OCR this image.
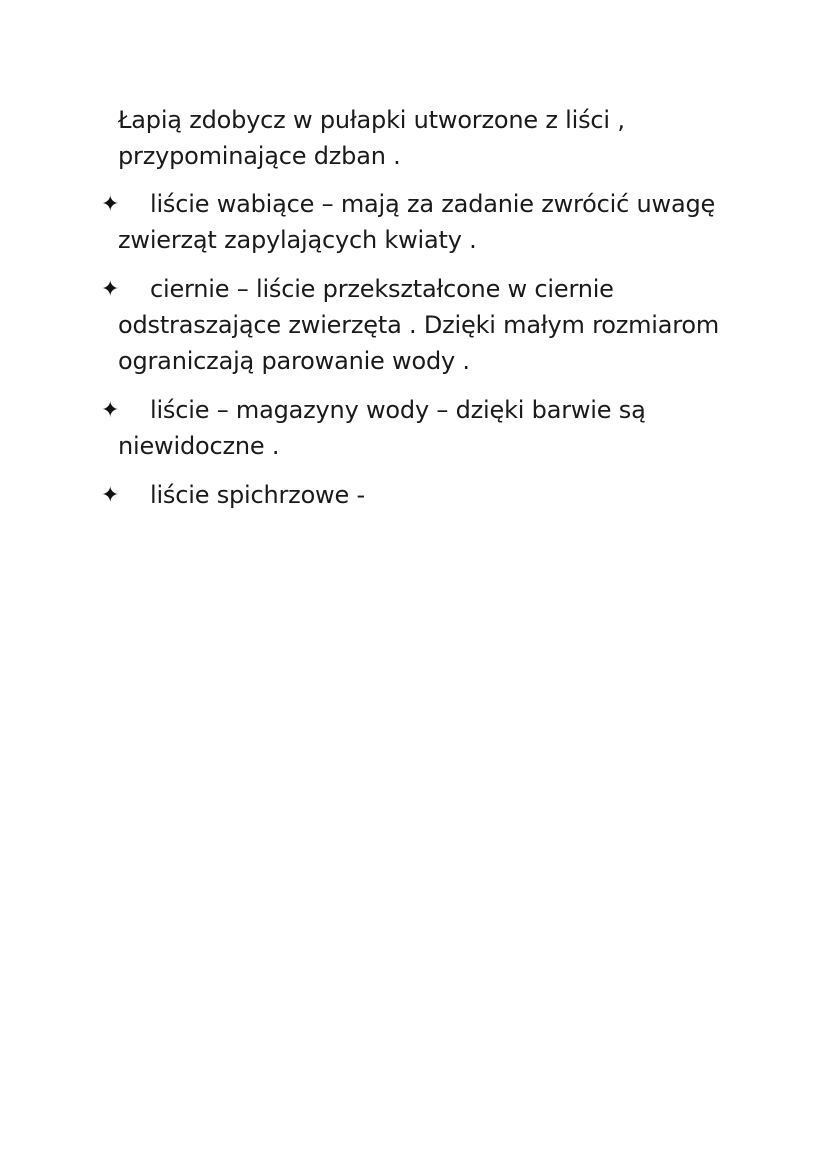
Łapią zdobycz w pułapki utworzone z liści ,
przypominające dzban .
✦ liście wabiące – mają za zadanie zwrócić uwagę
zwierząt zapylających kwiaty .
✦ ciernie – liście przekształcone w ciernie
odstraszające zwierzęta . Dzięki małym rozmiarom
ograniczają parowanie wody .
✦ liście – magazyny wody – dzięki barwie są
niewidoczne .
✦ liście spichrzowe -
